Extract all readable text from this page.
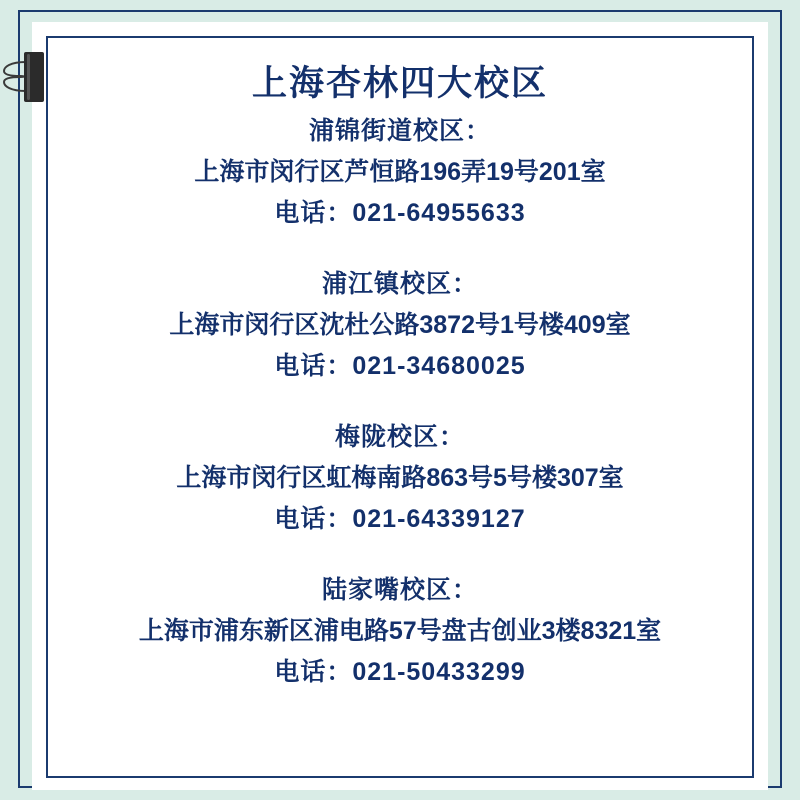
上海杏林四大校区
浦锦街道校区：
上海市闵行区芦恒路196弄19号201室
电话：021-64955633
浦江镇校区：
上海市闵行区沈杜公路3872号1号楼409室
电话：021-34680025
梅陇校区：
上海市闵行区虹梅南路863号5号楼307室
电话：021-64339127
陆家嘴校区：
上海市浦东新区浦电路57号盘古创业3楼8321室
电话：021-50433299
